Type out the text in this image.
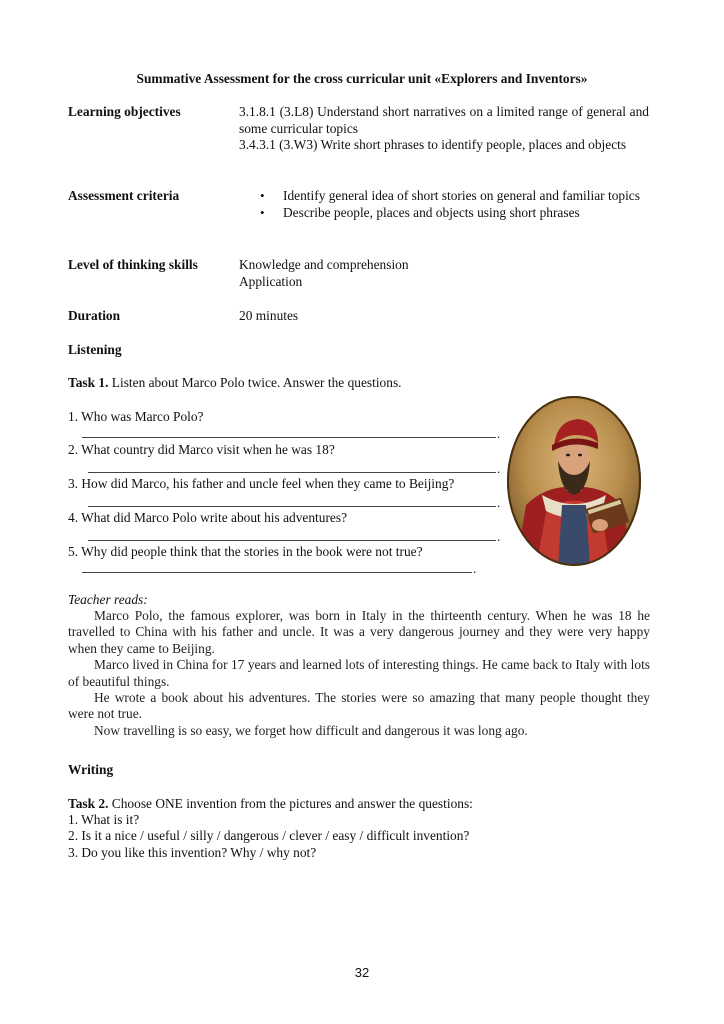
Summative Assessment for the cross curricular unit «Explorers and Inventors»
Learning objectives	3.1.8.1 (3.L8) Understand short narratives on a limited range of general and some curricular topics
3.4.3.1 (3.W3) Write short phrases to identify people, places and objects
Assessment criteria
•	Identify general idea of short stories on general and familiar topics
• Describe people, places and objects using short phrases
Level of thinking skills	Knowledge and comprehension
Application
Duration	20 minutes
Listening
Task 1. Listen about Marco Polo twice. Answer the questions.
1. Who was Marco Polo?
.
2. What country did Marco visit when he was 18?
.
3. How did Marco, his father and uncle feel when they came to Beijing?
.
4. What did Marco Polo write about his adventures?
.
5. Why did people think that the stories in the book were not true?
.
Teacher reads:

Marco Polo, the famous explorer, was born in Italy in the thirteenth century. When he was 18 he travelled to China with his father and uncle. It was a very dangerous journey and they were very happy when they came to Beijing.

Marco lived in China for 17 years and learned lots of interesting things. He came back to Italy with lots of beautiful things.

He wrote a book about his adventures. The stories were so amazing that many people thought they were not true.

Now travelling is so easy, we forget how difficult and dangerous it was long ago.

Writing
Task 2. Choose ONE invention from the pictures and answer the questions:
1. What is it?
2. Is it a nice / useful / silly / dangerous / clever / easy / difficult invention?
3. Do you like this invention? Why / why not?
32
